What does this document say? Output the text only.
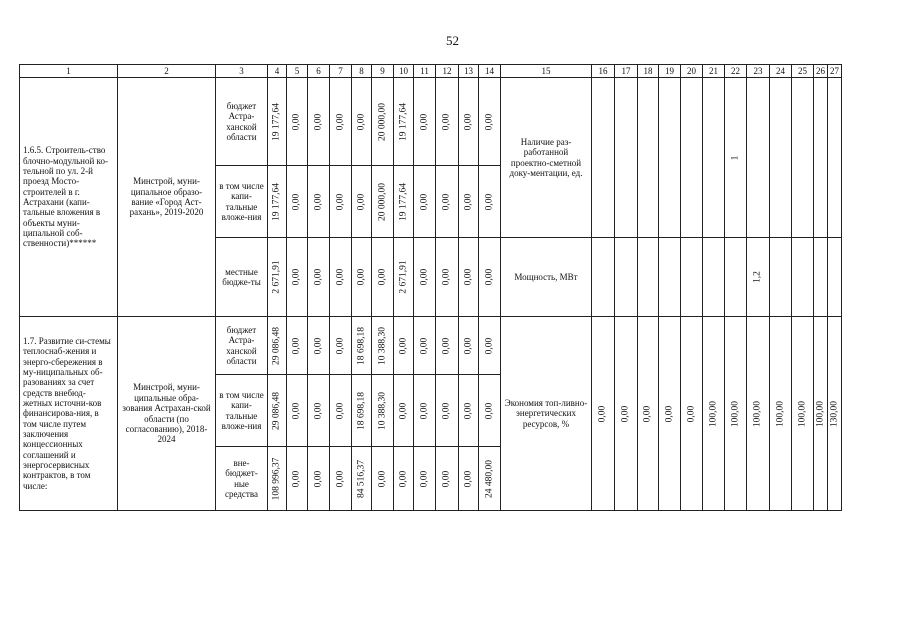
52
1	2	3	4	5	6	7	8	9	10	11	12	13	14	15	16	17	18	19	20	21	22	23	24	25	26	27
1.6.5. Строитель-ство блочно-модульной ко-тельной по ул. 2-й проезд Мосто-строителей в г. Астрахани (капи-тальные вложения в объекты муни-ципальной соб-ственности)******	Минстрой, муни-ципальное образо-вание «Город Аст-рахань», 2019-2020	бюджет Астра-ханской области	19 177,64	0,00	0,00	0,00	0,00	20 000,00	19 177,64	0,00	0,00	0,00	0,00	Наличие раз-работанной проектно-сметной доку-ментации, ед.							1					

		в том числе капи-тальные вложе-ния	19 177,64	0,00	0,00	0,00	0,00	20 000,00	19 177,64	0,00	0,00	0,00	0,00													

		местные бюдже-ты	2 671,91	0,00	0,00	0,00	0,00	0,00	2 671,91	0,00	0,00	0,00	0,00	Мощность, МВт								1,2				

1.7. Развитие си-стемы теплоснаб-жения и энерго-сбережения в му-ниципальных об-разованиях за счет средств внебюд-жетных источни-ков финансирова-ния, в том числе путем заключения концессионных соглашений и энергосервисных контрактов, в том числе:	Минстрой, муни-ципальные обра-зования Астрахан-ской области (по согласованию), 2018-2024	бюджет Астра-ханской области	29 086,48	0,00	0,00	0,00	18 698,18	10 388,30	0,00	0,00	0,00	0,00	0,00	Экономия топ-ливно-энергетических ресурсов, %	0,00	0,00	0,00	0,00	0,00	100,00	100,00	100,00	100,00	100,00	100,00	130,00

		в том числе капи-тальные вложе-ния	29 086,48	0,00	0,00	0,00	18 698,18	10 388,30	0,00	0,00	0,00	0,00	0,00													

		вне-бюджет-ные средства	108 996,37	0,00	0,00	0,00	84 516,37	0,00	0,00	0,00	0,00	0,00	24 480,00													
